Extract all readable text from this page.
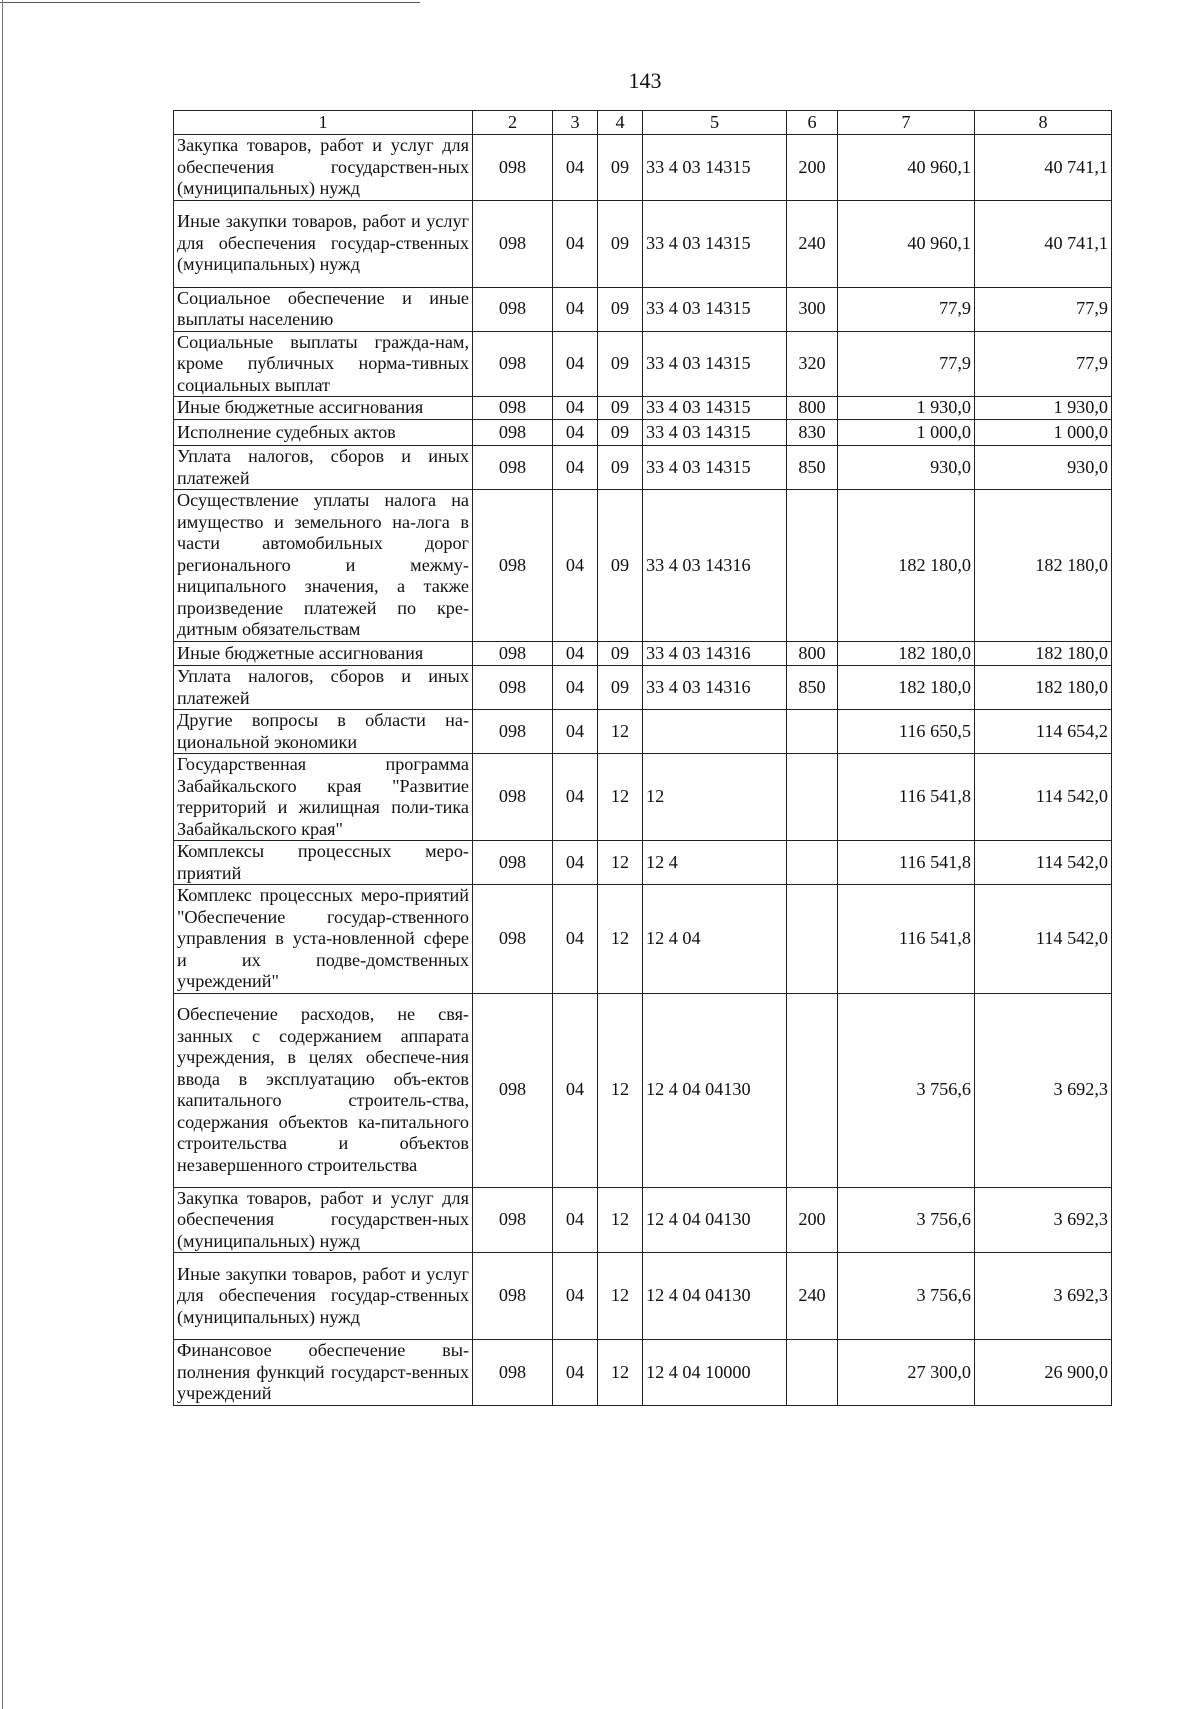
143
1	2	3	4	5	6	7	8
Закупка товаров, работ и услуг для обеспечения государствен-ных (муниципальных) нужд	098	04	09	33 4 03 14315	200	40 960,1	40 741,1
Иные закупки товаров, работ и услуг для обеспечения государ-ственных (муниципальных) нужд	098	04	09	33 4 03 14315	240	40 960,1	40 741,1
Социальное обеспечение и иные выплаты населению	098	04	09	33 4 03 14315	300	77,9	77,9
Социальные выплаты гражда-нам, кроме публичных норма-тивных социальных выплат	098	04	09	33 4 03 14315	320	77,9	77,9
Иные бюджетные ассигнования	098	04	09	33 4 03 14315	800	1 930,0	1 930,0
Исполнение судебных актов	098	04	09	33 4 03 14315	830	1 000,0	1 000,0
Уплата налогов, сборов и иных платежей	098	04	09	33 4 03 14315	850	930,0	930,0
Осуществление уплаты налога на имущество и земельного на-лога в части автомобильных дорог регионального и межму-ниципального значения, а также произведение платежей по кре-дитным обязательствам	098	04	09	33 4 03 14316		182 180,0	182 180,0
Иные бюджетные ассигнования	098	04	09	33 4 03 14316	800	182 180,0	182 180,0
Уплата налогов, сборов и иных платежей	098	04	09	33 4 03 14316	850	182 180,0	182 180,0
Другие вопросы в области на-циональной экономики	098	04	12			116 650,5	114 654,2
Государственная программа Забайкальского края "Развитие территорий и жилищная поли-тика Забайкальского края"	098	04	12	12		116 541,8	114 542,0
Комплексы процессных меро-приятий	098	04	12	12 4		116 541,8	114 542,0
Комплекс процессных меро-приятий "Обеспечение государ-ственного управления в уста-новленной сфере и их подве-домственных учреждений"	098	04	12	12 4 04		116 541,8	114 542,0
Обеспечение расходов, не свя-занных с содержанием аппарата учреждения, в целях обеспече-ния ввода в эксплуатацию объ-ектов капитального строитель-ства, содержания объектов ка-питального строительства и объектов незавершенного строительства	098	04	12	12 4 04 04130		3 756,6	3 692,3
Закупка товаров, работ и услуг для обеспечения государствен-ных (муниципальных) нужд	098	04	12	12 4 04 04130	200	3 756,6	3 692,3
Иные закупки товаров, работ и услуг для обеспечения государ-ственных (муниципальных) нужд	098	04	12	12 4 04 04130	240	3 756,6	3 692,3
Финансовое обеспечение вы-полнения функций государст-венных учреждений	098	04	12	12 4 04 10000		27 300,0	26 900,0
